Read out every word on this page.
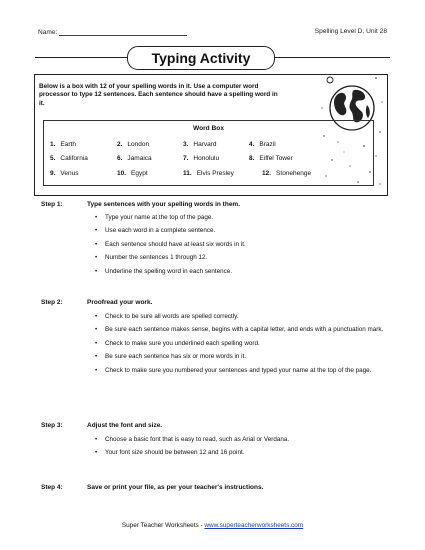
Name:	Spelling Level D, Unit 28
Typing Activity
Below is a box with 12 of your spelling words in it. Use a computer word processor to type 12 sentences. Each sentence should have a spelling word in it.
Word Box
1. Earth	2. London	3. Harvard	4. Brazil
5. California	6. Jamaica	7. Honolulu	8. Eiffel Tower
9. Venus	10. Egypt	11. Elvis Presley	12. Stonehenge
Step 1:	Type sentences with your spelling words in them.
• Type your name at the top of the page.
• Use each word in a complete sentence.
• Each sentence should have at least six words in it.
• Number the sentences 1 through 12.
• Underline the spelling word in each sentence.
Step 2:	Proofread your work.
• Check to be sure all words are spelled correctly.
• Be sure each sentence makes sense, begins with a capital letter, and ends with a punctuation mark.
• Check to make sure you underlined each spelling word.
• Be sure each sentence has six or more words in it.
• Check to make sure you numbered your sentences and typed your name at the top of the page.
Step 3:	Adjust the font and size.
• Choose a basic font that is easy to read, such as Arial or Verdana.
• Your font size should be between 12 and 16 point.
Step 4:	Save or print your file, as per your teacher's instructions.
Super Teacher Worksheets - www.superteacherworksheets.com
